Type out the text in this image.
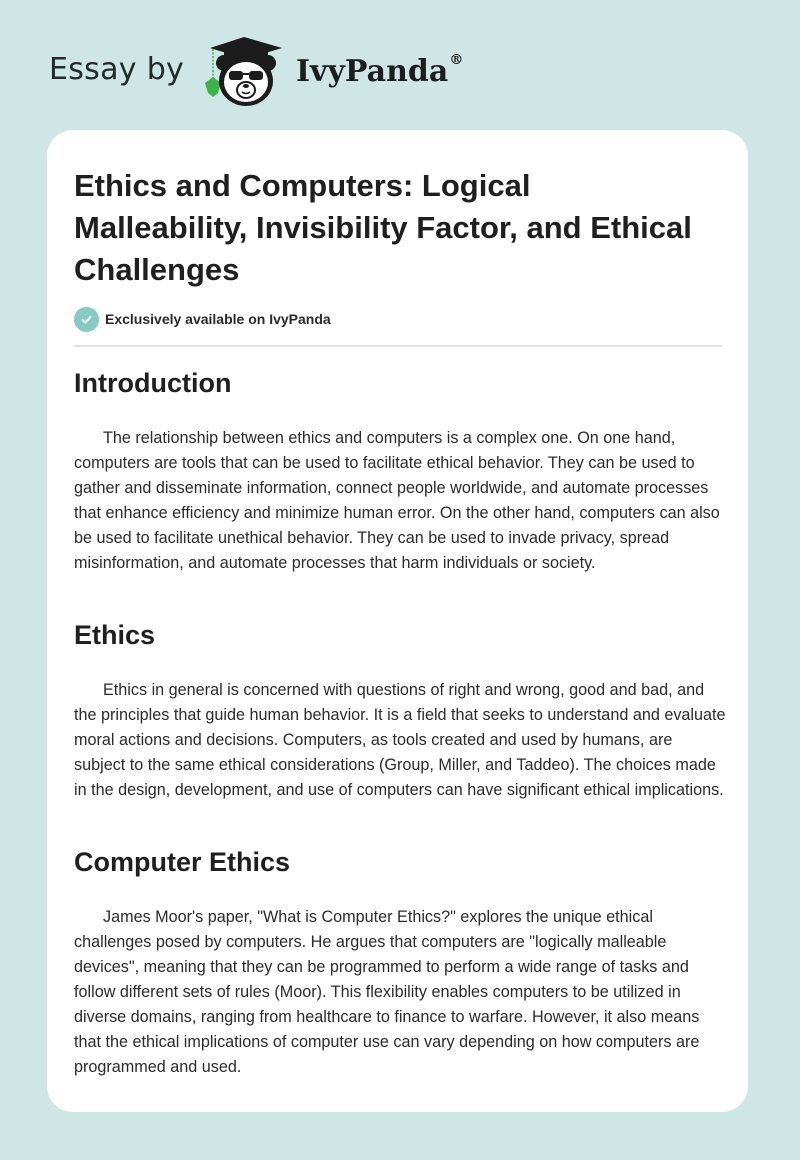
Essay by	IvyPanda®
Ethics and Computers: Logical Malleability, Invisibility Factor, and Ethical Challenges
Exclusively available on IvyPanda
Introduction

The relationship between ethics and computers is a complex one. On one hand, computers are tools that can be used to facilitate ethical behavior. They can be used to gather and disseminate information, connect people worldwide, and automate processes that enhance efficiency and minimize human error. On the other hand, computers can also be used to facilitate unethical behavior. They can be used to invade privacy, spread misinformation, and automate processes that harm individuals or society.

Ethics

Ethics in general is concerned with questions of right and wrong, good and bad, and the principles that guide human behavior. It is a field that seeks to understand and evaluate moral actions and decisions. Computers, as tools created and used by humans, are subject to the same ethical considerations (Group, Miller, and Taddeo). The choices made in the design, development, and use of computers can have significant ethical implications.

Computer Ethics

James Moor's paper, "What is Computer Ethics?" explores the unique ethical challenges posed by computers. He argues that computers are "logically malleable devices", meaning that they can be programmed to perform a wide range of tasks and follow different sets of rules (Moor). This flexibility enables computers to be utilized in diverse domains, ranging from healthcare to finance to warfare. However, it also means that the ethical implications of computer use can vary depending on how computers are programmed and used.
